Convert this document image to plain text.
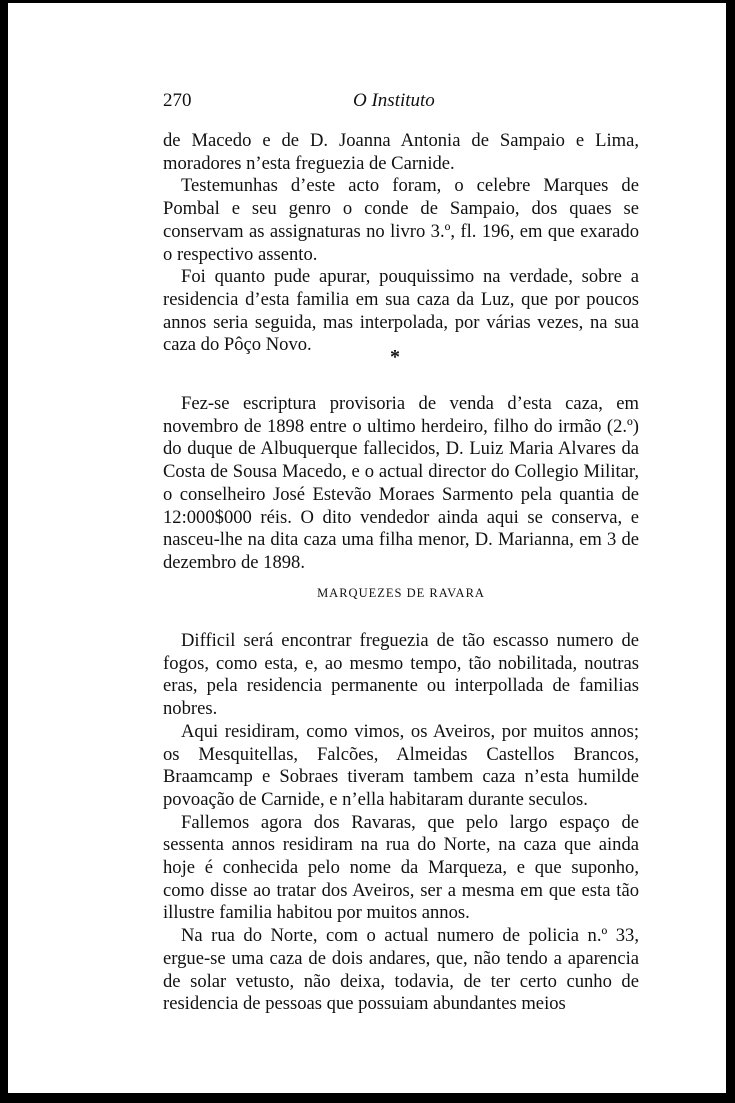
270	O Instituto

de Macedo e de D. Joanna Antonia de Sampaio e Lima, moradores n’esta freguezia de Carnide.

Testemunhas d’este acto foram, o celebre Marques de Pombal e seu genro o conde de Sampaio, dos quaes se conservam as assignaturas no livro 3.º, fl. 196, em que exarado o respectivo assento.

Foi quanto pude apurar, pouquissimo na verdade, sobre a residencia d’esta familia em sua caza da Luz, que por poucos annos seria seguida, mas interpolada, por várias vezes, na sua caza do Pôço Novo.

*

Fez-se escriptura provisoria de venda d’esta caza, em novembro de 1898 entre o ultimo herdeiro, filho do irmão (2.º) do duque de Albuquerque fallecidos, D. Luiz Maria Alvares da Costa de Sousa Macedo, e o actual director do Collegio Militar, o conselheiro José Estevão Moraes Sarmento pela quantia de 12:000$000 réis. O dito vendedor ainda aqui se conserva, e nasceu-lhe na dita caza uma filha menor, D. Marianna, em 3 de dezembro de 1898.

MARQUEZES DE RAVARA

Difficil será encontrar freguezia de tão escasso numero de fogos, como esta, e, ao mesmo tempo, tão nobilitada, noutras eras, pela residencia permanente ou interpollada de familias nobres.

Aqui residiram, como vimos, os Aveiros, por muitos annos; os Mesquitellas, Falcões, Almeidas Castellos Brancos, Braamcamp e Sobraes tiveram tambem caza n’esta humilde povoação de Carnide, e n’ella habitaram durante seculos.

Fallemos agora dos Ravaras, que pelo largo espaço de sessenta annos residiram na rua do Norte, na caza que ainda hoje é conhecida pelo nome da Marqueza, e que suponho, como disse ao tratar dos Aveiros, ser a mesma em que esta tão illustre familia habitou por muitos annos.

Na rua do Norte, com o actual numero de policia n.º 33, ergue-se uma caza de dois andares, que, não tendo a aparencia de solar vetusto, não deixa, todavia, de ter certo cunho de residencia de pessoas que possuiam abundantes meios
